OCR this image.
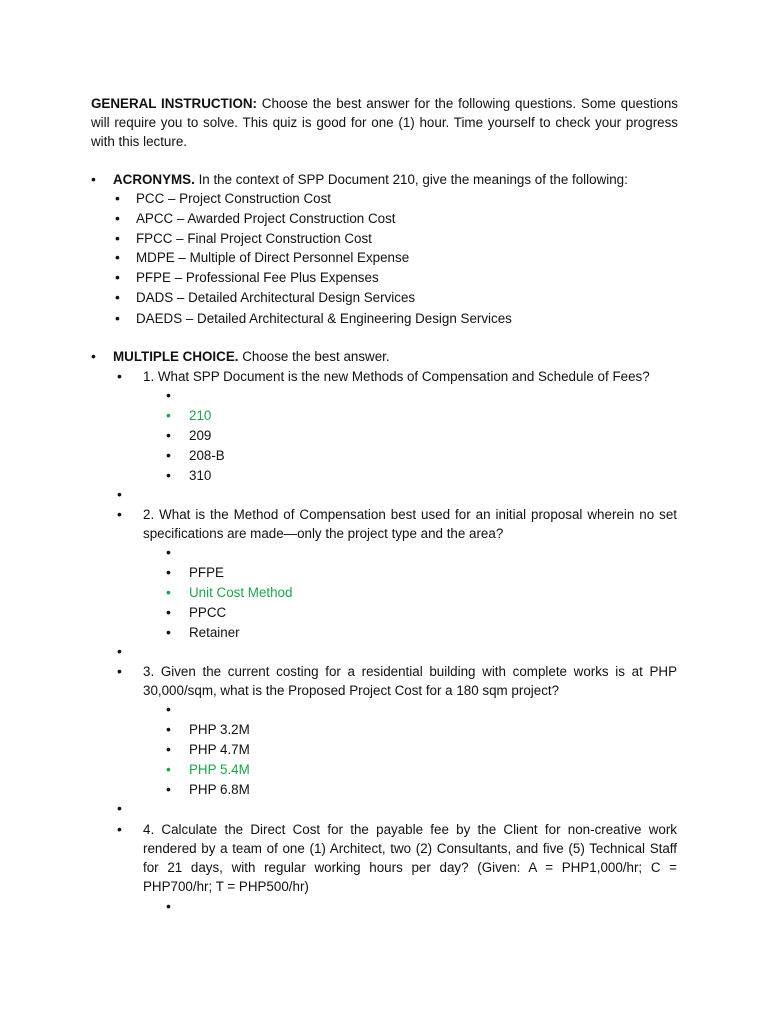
GENERAL INSTRUCTION: Choose the best answer for the following questions. Some questions will require you to solve. This quiz is good for one (1) hour. Time yourself to check your progress with this lecture.

• ACRONYMS. In the context of SPP Document 210, give the meanings of the following:

• PCC – Project Construction Cost

• APCC – Awarded Project Construction Cost

• FPCC – Final Project Construction Cost

• MDPE – Multiple of Direct Personnel Expense

• PFPE – Professional Fee Plus Expenses

• DADS – Detailed Architectural Design Services

• DAEDS – Detailed Architectural & Engineering Design Services

• MULTIPLE CHOICE. Choose the best answer.

• 1. What SPP Document is the new Methods of Compensation and Schedule of Fees?

•
• 210

• 209

• 208-B

• 310

•
• 2. What is the Method of Compensation best used for an initial proposal wherein no set specifications are made—only the project type and the area?

•
• PFPE

• Unit Cost Method

• PPCC

• Retainer

•
• 3. Given the current costing for a residential building with complete works is at PHP 30,000/sqm, what is the Proposed Project Cost for a 180 sqm project?

•
• PHP 3.2M

• PHP 4.7M

• PHP 5.4M

• PHP 6.8M

•
• 4. Calculate the Direct Cost for the payable fee by the Client for non-creative work rendered by a team of one (1) Architect, two (2) Consultants, and five (5) Technical Staff for 21 days, with regular working hours per day? (Given: A = PHP1,000/hr; C = PHP700/hr; T = PHP500/hr)

•
